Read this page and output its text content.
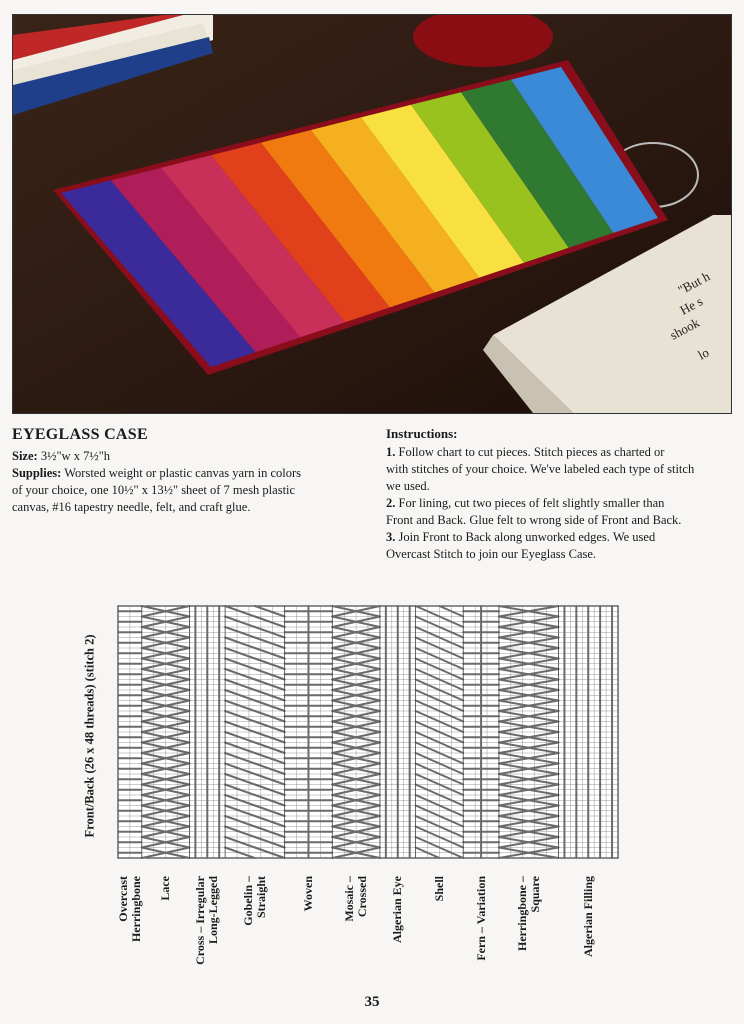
"But h
He s
shook
lo
EYEGLASS CASE

Size: 3½"w x 7½"h

Supplies: Worsted weight or plastic canvas yarn in colors

of your choice, one 10½" x 13½" sheet of 7 mesh plastic

canvas, #16 tapestry needle, felt, and craft glue.

Instructions:

1. Follow chart to cut pieces. Stitch pieces as charted or

with stitches of your choice. We've labeled each type of stitch

we used.

2. For lining, cut two pieces of felt slightly smaller than

Front and Back. Glue felt to wrong side of Front and Back.

3. Join Front to Back along unworked edges. We used

Overcast Stitch to join our Eyeglass Case.

Front/Back (26 x 48 threads) (stitch 2)
Overcast
Herringbone Lace
Cross – Irregular
Long-Legged Gobelin –
Straight	Woven Mosaic –
Crossed Algerian Eye Shell Fern – Variation Herringbone –
Square	Algerian Filling
35
